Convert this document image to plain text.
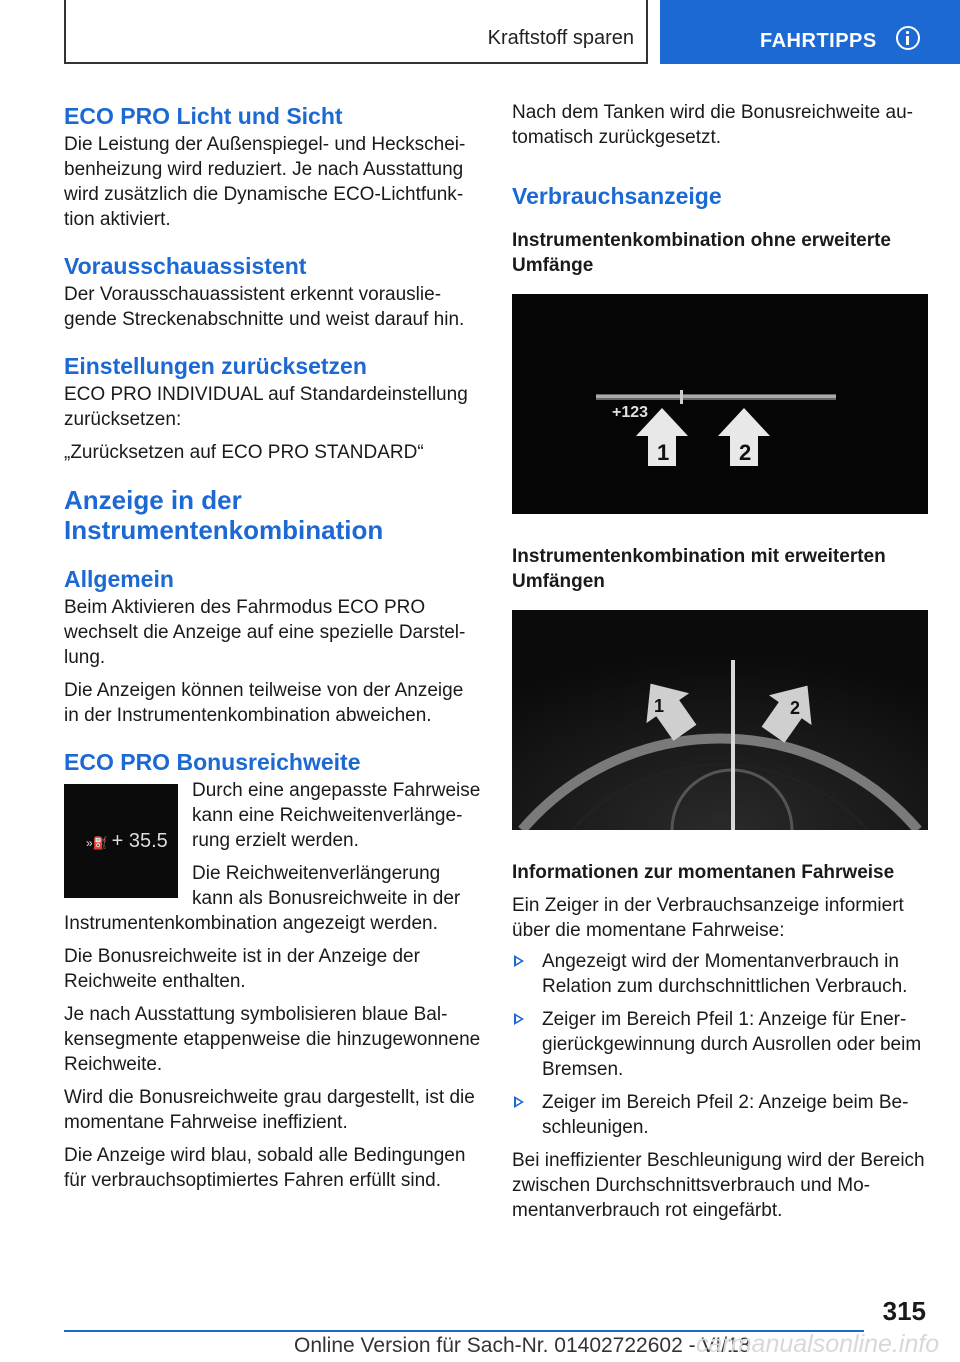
Kraftstoff sparen	FAHRTIPPS
ECO PRO Licht und Sicht

Die Leistung der Außenspiegel- und Heckscheibenheizung wird reduziert. Je nach Ausstattung wird zusätzlich die Dynamische ECO-Lichtfunktion aktiviert.

Vorausschauassistent

Der Vorausschauassistent erkennt vorausliegende Streckenabschnitte und weist darauf hin.

Einstellungen zurücksetzen

ECO PRO INDIVIDUAL auf Standardeinstellung zurücksetzen:

„Zurücksetzen auf ECO PRO STANDARD“

Anzeige in der Instrumentenkombination
Allgemein

Beim Aktivieren des Fahrmodus ECO PRO wechselt die Anzeige auf eine spezielle Darstellung.

Die Anzeigen können teilweise von der Anzeige in der Instrumentenkombination abweichen.

ECO PRO Bonusreichweite
»⛽ + 35.5

Durch eine angepasste Fahrweise kann eine Reichweitenverlängerung erzielt werden.

Die Reichweitenverlängerung kann als Bonusreichweite in der Instrumentenkombination angezeigt werden.

Die Bonusreichweite ist in der Anzeige der Reichweite enthalten.

Je nach Ausstattung symbolisieren blaue Balkensegmente etappenweise die hinzugewonnene Reichweite.

Wird die Bonusreichweite grau dargestellt, ist die momentane Fahrweise ineffizient.

Die Anzeige wird blau, sobald alle Bedingungen für verbrauchsoptimiertes Fahren erfüllt sind.

Nach dem Tanken wird die Bonusreichweite automatisch zurückgesetzt.

Verbrauchsanzeige
Instrumentenkombination ohne erweiterte Umfänge
+123
1	2
Instrumentenkombination mit erweiterten Umfängen
1	2
Informationen zur momentanen Fahrweise

Ein Zeiger in der Verbrauchsanzeige informiert über die momentane Fahrweise:

Angezeigt wird der Momentanverbrauch in Relation zum durchschnittlichen Verbrauch.
Zeiger im Bereich Pfeil 1: Anzeige für Energierückgewinnung durch Ausrollen oder beim Bremsen.
Zeiger im Bereich Pfeil 2: Anzeige beim Beschleunigen.

Bei ineffizienter Beschleunigung wird der Bereich zwischen Durchschnittsverbrauch und Momentanverbrauch rot eingefärbt.

315
Online Version für Sach-Nr. 01402722602 - VI/18
carmanualsonline.info
